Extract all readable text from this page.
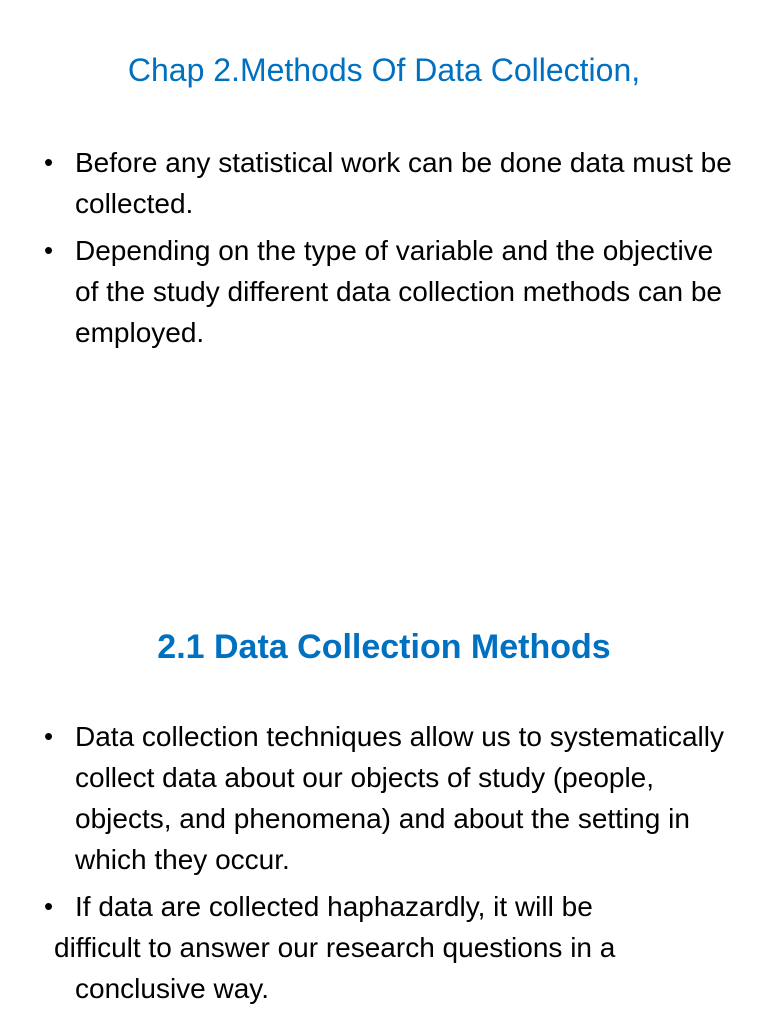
Chap 2.Methods Of Data Collection,
• Before any statistical work can be done data must be collected.
• Depending on the type of variable and the objective of the study different data collection methods can be employed.
2.1 Data Collection Methods
• Data collection techniques allow us to systematically collect data about our objects of study (people, objects, and phenomena) and about the setting in which they occur.
• If data are collected haphazardly, it will be
difficult to answer our research questions in a
conclusive way.
